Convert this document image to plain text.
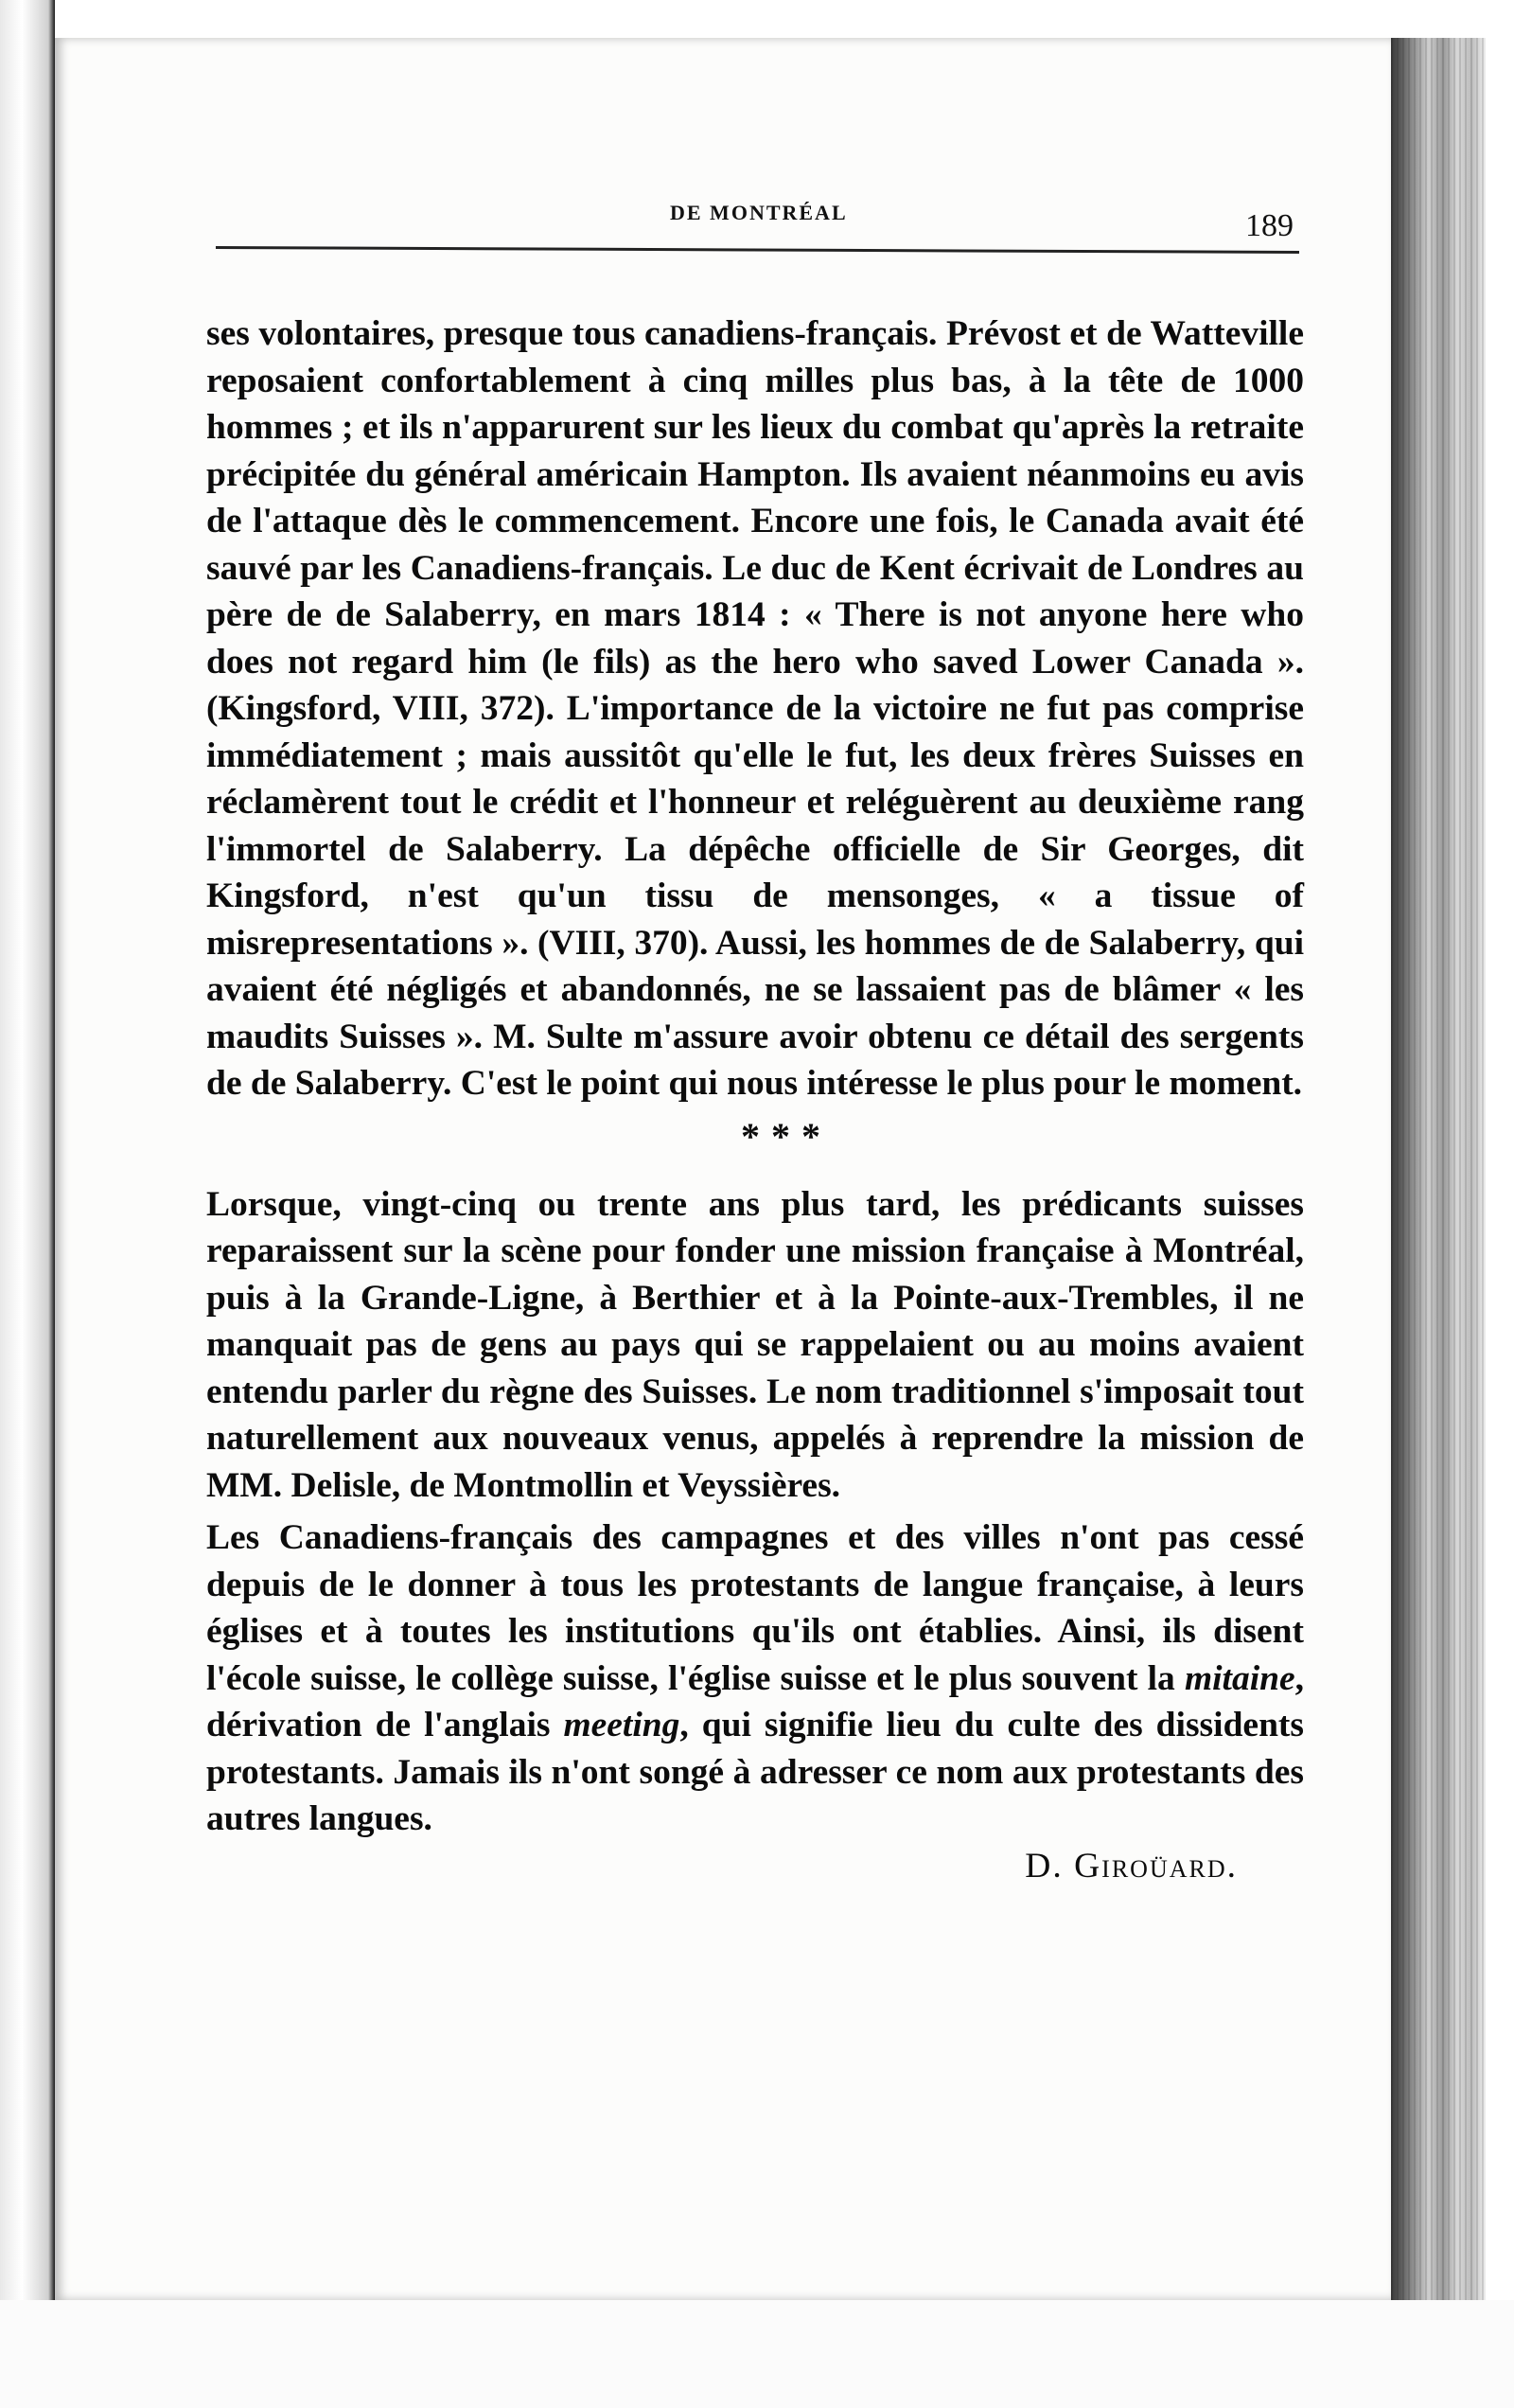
DE MONTRÉAL	189

ses volontaires, presque tous canadiens-français. Prévost et de Watteville reposaient confortablement à cinq milles plus bas, à la tête de 1000 hommes ; et ils n'apparurent sur les lieux du combat qu'après la retraite précipitée du général américain Hampton. Ils avaient néanmoins eu avis de l'attaque dès le commencement. Encore une fois, le Canada avait été sauvé par les Canadiens-français. Le duc de Kent écrivait de Londres au père de de Salaberry, en mars 1814 : « There is not anyone here who does not regard him (le fils) as the hero who saved Lower Canada ». (Kingsford, VIII, 372). L'importance de la victoire ne fut pas comprise immédiatement ; mais aussitôt qu'elle le fut, les deux frères Suisses en réclamèrent tout le crédit et l'honneur et reléguèrent au deuxième rang l'immortel de Salaberry. La dépêche officielle de Sir Georges, dit Kingsford, n'est qu'un tissu de mensonges, « a tissue of misrepresentations ». (VIII, 370). Aussi, les hommes de de Salaberry, qui avaient été négligés et abandonnés, ne se lassaient pas de blâmer « les maudits Suisses ». M. Sulte m'assure avoir obtenu ce détail des sergents de de Salaberry. C'est le point qui nous intéresse le plus pour le moment.

* * *

Lorsque, vingt-cinq ou trente ans plus tard, les prédicants suisses reparaissent sur la scène pour fonder une mission française à Montréal, puis à la Grande-Ligne, à Berthier et à la Pointe-aux-Trembles, il ne manquait pas de gens au pays qui se rappelaient ou au moins avaient entendu parler du règne des Suisses. Le nom traditionnel s'imposait tout naturellement aux nouveaux venus, appelés à reprendre la mission de MM. Delisle, de Montmollin et Veyssières.

Les Canadiens-français des campagnes et des villes n'ont pas cessé depuis de le donner à tous les protestants de langue française, à leurs églises et à toutes les institutions qu'ils ont établies. Ainsi, ils disent l'école suisse, le collège suisse, l'église suisse et le plus souvent la mitaine, dérivation de l'anglais meeting, qui signifie lieu du culte des dissidents protestants. Jamais ils n'ont songé à adresser ce nom aux protestants des autres langues.

D. Giroüard.
